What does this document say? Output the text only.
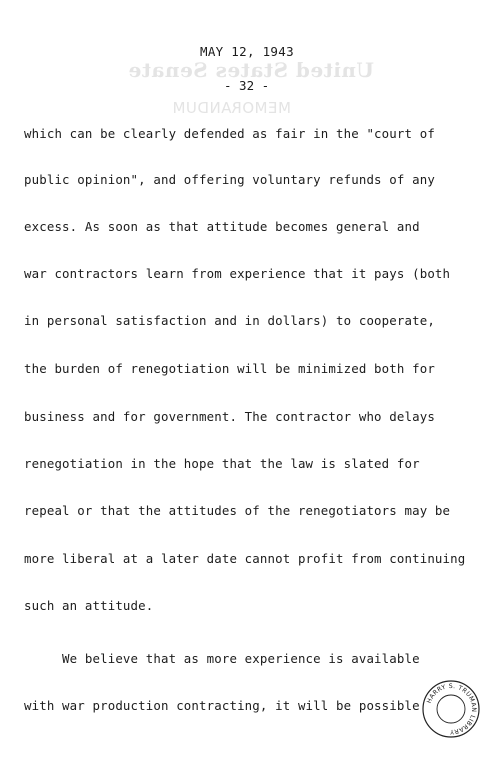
United States Senate
MEMORANDUM
MAY 12, 1943
- 32 -
which can be clearly defended as fair in the "court of
public opinion", and offering voluntary refunds of any
excess. As soon as that attitude becomes general and
war contractors learn from experience that it pays (both
in personal satisfaction and in dollars) to cooperate,
the burden of renegotiation will be minimized both for
business and for government. The contractor who delays
renegotiation in the hope that the law is slated for
repeal or that the attitudes of the renegotiators may be
more liberal at a later date cannot profit from continuing
such an attitude.
We believe that as more experience is available
with war production contracting, it will be possible HARRY S. TRUMAN LIBRARY
